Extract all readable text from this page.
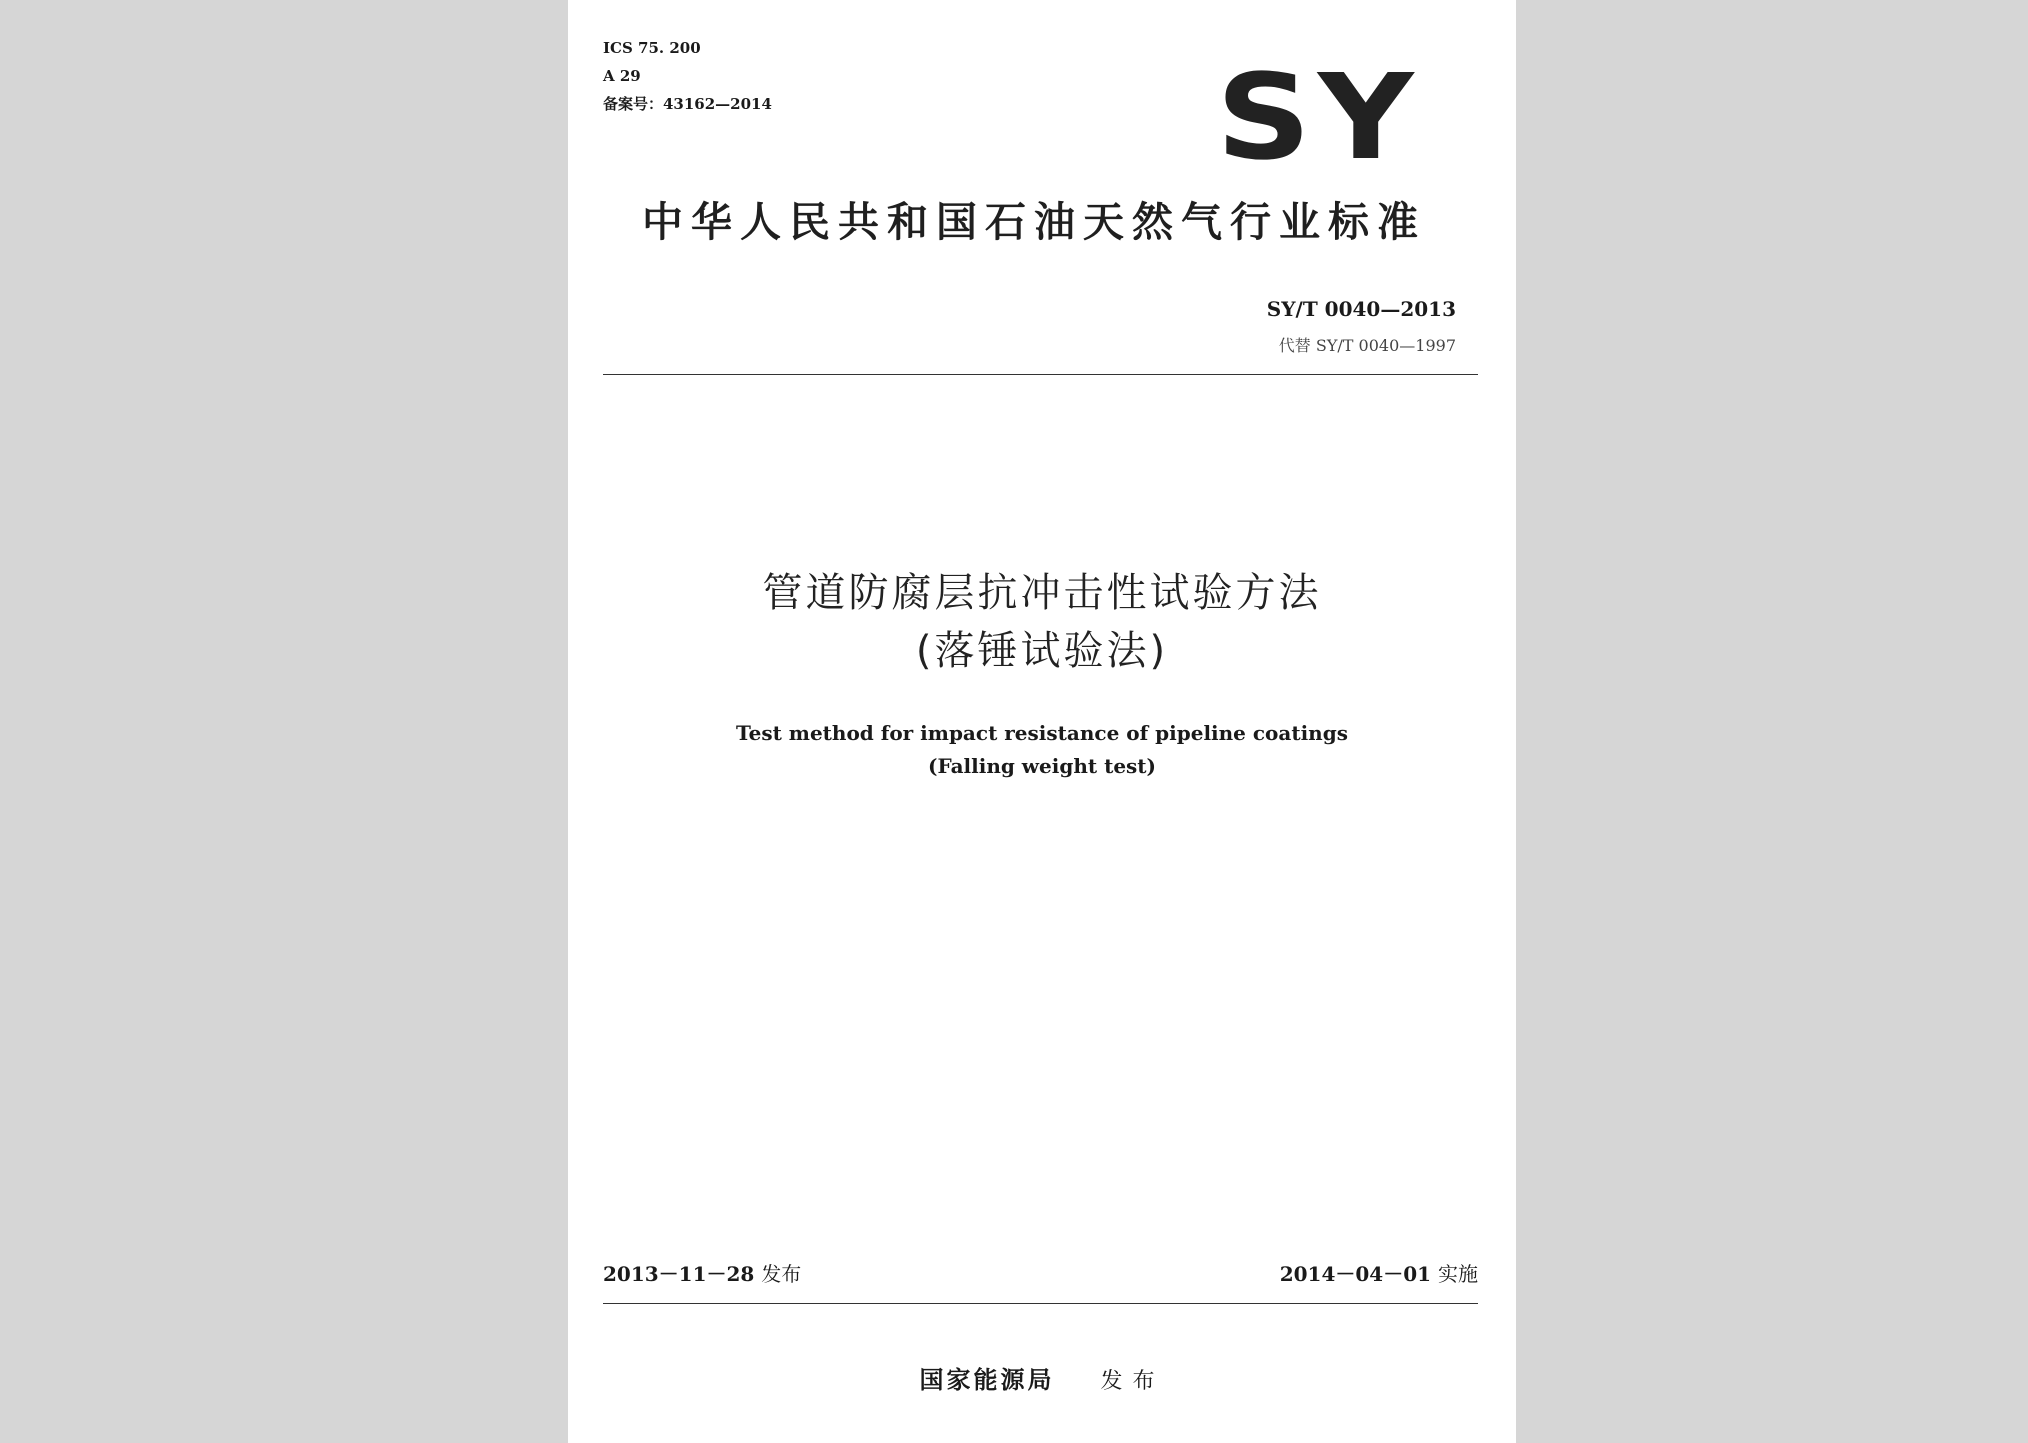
ICS 75. 200
A 29
备案号：43162—2014	SY
中华人民共和国石油天然气行业标准
SY/T 0040—2013
代替 SY/T 0040—1997
管道防腐层抗冲击性试验方法
(落锤试验法)
Test method for impact resistance of pipeline coatings
(Falling weight test)
2013－11－28 发布	2014－04－01 实施
国家能源局 发布
